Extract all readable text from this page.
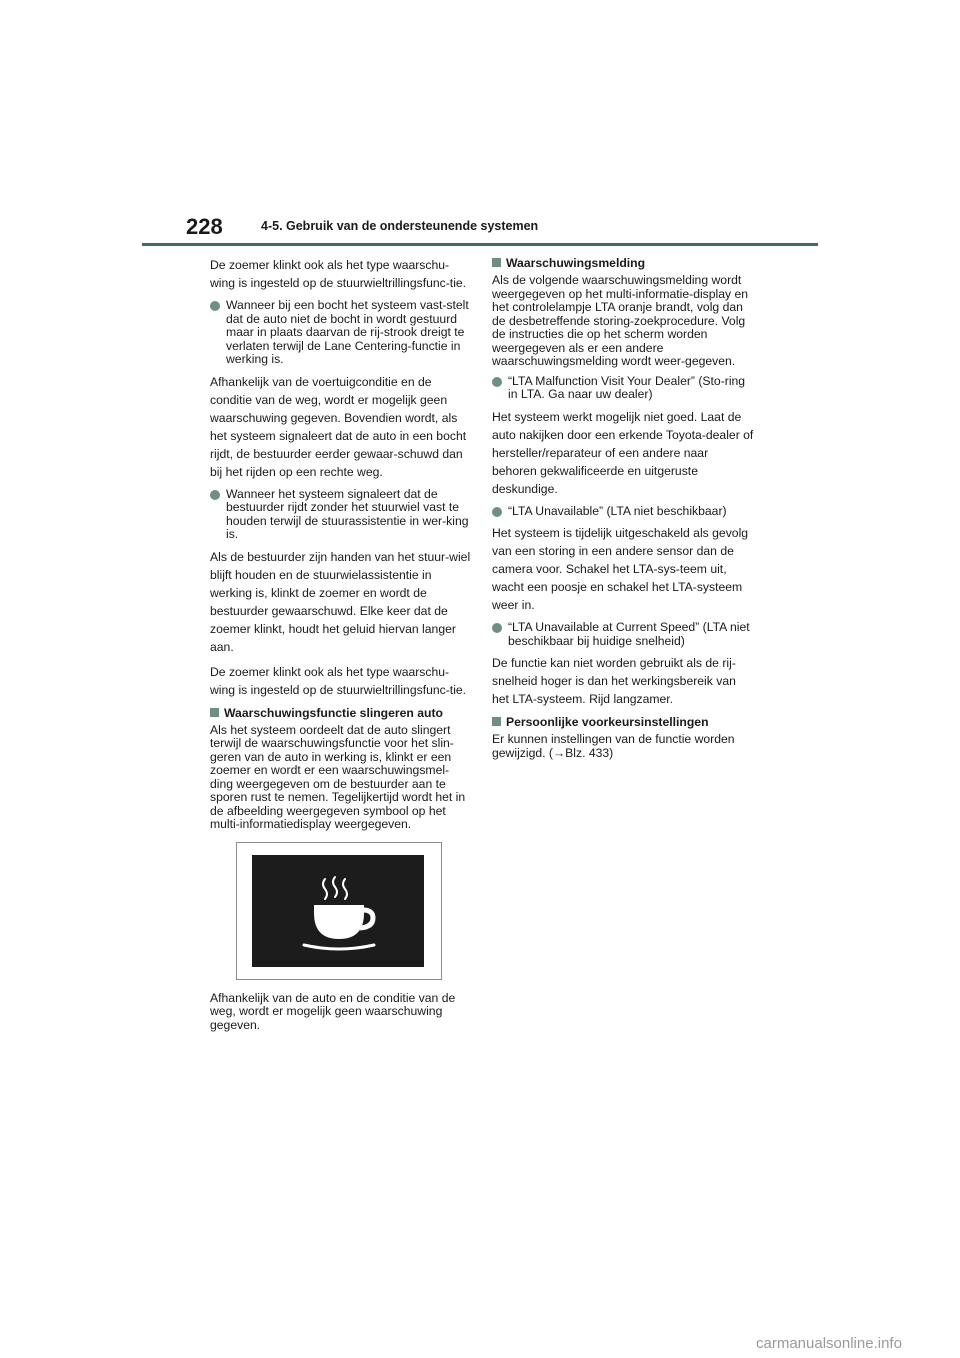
228	4-5. Gebruik van de ondersteunende systemen

De zoemer klinkt ook als het type waarschu-wing is ingesteld op de stuurwieltrillingsfunc-tie.

Wanneer bij een bocht het systeem vast-stelt dat de auto niet de bocht in wordt gestuurd maar in plaats daarvan de rij-strook dreigt te verlaten terwijl de Lane Centering-functie in werking is.

Afhankelijk van de voertuigconditie en de conditie van de weg, wordt er mogelijk geen waarschuwing gegeven. Bovendien wordt, als het systeem signaleert dat de auto in een bocht rijdt, de bestuurder eerder gewaar-schuwd dan bij het rijden op een rechte weg.

Wanneer het systeem signaleert dat de bestuurder rijdt zonder het stuurwiel vast te houden terwijl de stuurassistentie in wer-king is.

Als de bestuurder zijn handen van het stuur-wiel blijft houden en de stuurwielassistentie in werking is, klinkt de zoemer en wordt de bestuurder gewaarschuwd. Elke keer dat de zoemer klinkt, houdt het geluid hiervan langer aan.

De zoemer klinkt ook als het type waarschu-wing is ingesteld op de stuurwieltrillingsfunc-tie.

Waarschuwingsfunctie slingeren auto

Als het systeem oordeelt dat de auto slingert terwijl de waarschuwingsfunctie voor het slin-geren van de auto in werking is, klinkt er een zoemer en wordt er een waarschuwingsmel-ding weergegeven om de bestuurder aan te sporen rust te nemen. Tegelijkertijd wordt het in de afbeelding weergegeven symbool op het multi-informatiedisplay weergegeven.

Afhankelijk van de auto en de conditie van de weg, wordt er mogelijk geen waarschuwing gegeven.

Waarschuwingsmelding

Als de volgende waarschuwingsmelding wordt weergegeven op het multi-informatie-display en het controlelampje LTA oranje brandt, volg dan de desbetreffende storing-zoekprocedure. Volg de instructies die op het scherm worden weergegeven als er een andere waarschuwingsmelding wordt weer-gegeven.

“LTA Malfunction Visit Your Dealer” (Sto-ring in LTA. Ga naar uw dealer)

Het systeem werkt mogelijk niet goed. Laat de auto nakijken door een erkende Toyota-dealer of hersteller/reparateur of een andere naar behoren gekwalificeerde en uitgeruste deskundige.

“LTA Unavailable” (LTA niet beschikbaar)

Het systeem is tijdelijk uitgeschakeld als gevolg van een storing in een andere sensor dan de camera voor. Schakel het LTA-sys-teem uit, wacht een poosje en schakel het LTA-systeem weer in.

“LTA Unavailable at Current Speed” (LTA niet beschikbaar bij huidige snelheid)

De functie kan niet worden gebruikt als de rij-snelheid hoger is dan het werkingsbereik van het LTA-systeem. Rijd langzamer.

Persoonlijke voorkeursinstellingen

Er kunnen instellingen van de functie worden gewijzigd. (→Blz. 433)

carmanualsonline.info
